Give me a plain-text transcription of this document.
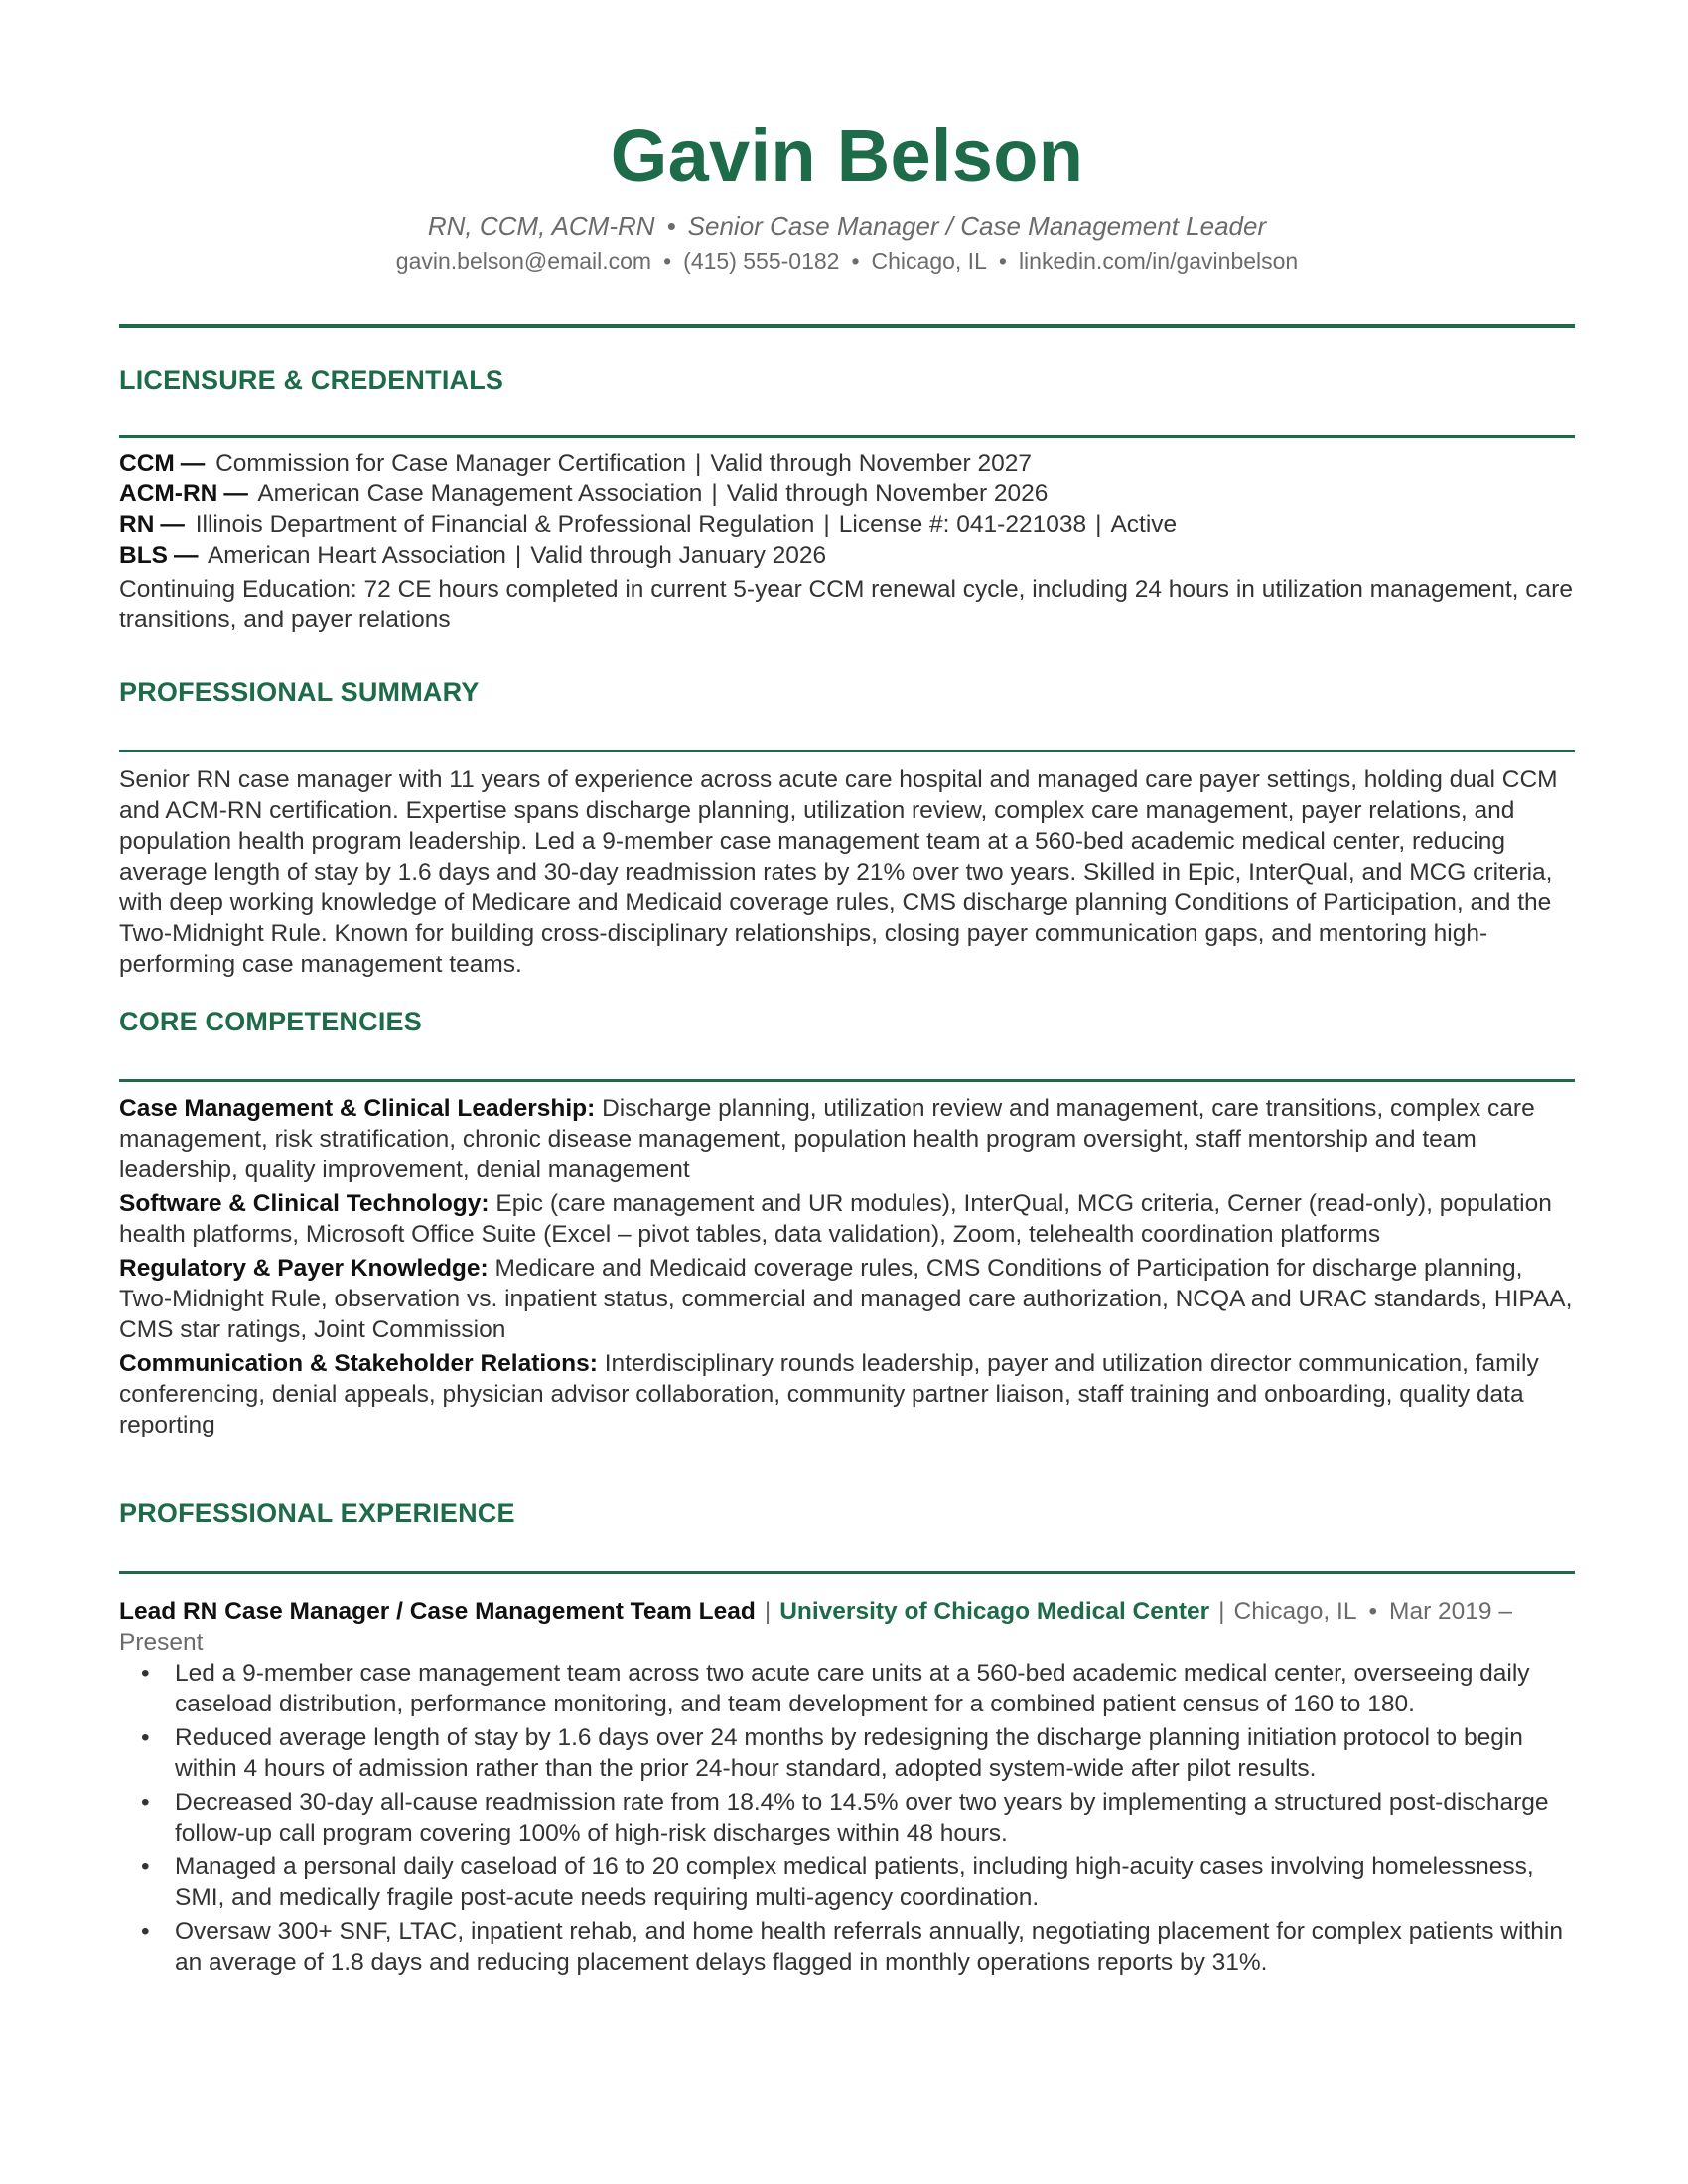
Gavin Belson
RN, CCM, ACM-RN • Senior Case Manager / Case Management Leader
gavin.belson@email.com • (415) 555-0182 • Chicago, IL • linkedin.com/in/gavinbelson
LICENSURE & CREDENTIALS
CCM — Commission for Case Manager Certification | Valid through November 2027
ACM-RN — American Case Management Association | Valid through November 2026
RN — Illinois Department of Financial & Professional Regulation | License #: 041-221038 | Active
BLS — American Heart Association | Valid through January 2026
Continuing Education: 72 CE hours completed in current 5-year CCM renewal cycle, including 24 hours in utilization management, care transitions, and payer relations
PROFESSIONAL SUMMARY
Senior RN case manager with 11 years of experience across acute care hospital and managed care payer settings, holding dual CCM and ACM-RN certification. Expertise spans discharge planning, utilization review, complex care management, payer relations, and population health program leadership. Led a 9-member case management team at a 560-bed academic medical center, reducing average length of stay by 1.6 days and 30-day readmission rates by 21% over two years. Skilled in Epic, InterQual, and MCG criteria, with deep working knowledge of Medicare and Medicaid coverage rules, CMS discharge planning Conditions of Participation, and the Two-Midnight Rule. Known for building cross-disciplinary relationships, closing payer communication gaps, and mentoring high-performing case management teams.
CORE COMPETENCIES
Case Management & Clinical Leadership: Discharge planning, utilization review and management, care transitions, complex care management, risk stratification, chronic disease management, population health program oversight, staff mentorship and team leadership, quality improvement, denial management
Software & Clinical Technology: Epic (care management and UR modules), InterQual, MCG criteria, Cerner (read-only), population health platforms, Microsoft Office Suite (Excel – pivot tables, data validation), Zoom, telehealth coordination platforms
Regulatory & Payer Knowledge: Medicare and Medicaid coverage rules, CMS Conditions of Participation for discharge planning, Two-Midnight Rule, observation vs. inpatient status, commercial and managed care authorization, NCQA and URAC standards, HIPAA, CMS star ratings, Joint Commission
Communication & Stakeholder Relations: Interdisciplinary rounds leadership, payer and utilization director communication, family conferencing, denial appeals, physician advisor collaboration, community partner liaison, staff training and onboarding, quality data reporting
PROFESSIONAL EXPERIENCE
Lead RN Case Manager / Case Management Team Lead | University of Chicago Medical Center | Chicago, IL • Mar 2019 – Present
• Led a 9-member case management team across two acute care units at a 560-bed academic medical center, overseeing daily caseload distribution, performance monitoring, and team development for a combined patient census of 160 to 180.
• Reduced average length of stay by 1.6 days over 24 months by redesigning the discharge planning initiation protocol to begin within 4 hours of admission rather than the prior 24-hour standard, adopted system-wide after pilot results.
• Decreased 30-day all-cause readmission rate from 18.4% to 14.5% over two years by implementing a structured post-discharge follow-up call program covering 100% of high-risk discharges within 48 hours.
• Managed a personal daily caseload of 16 to 20 complex medical patients, including high-acuity cases involving homelessness, SMI, and medically fragile post-acute needs requiring multi-agency coordination.
• Oversaw 300+ SNF, LTAC, inpatient rehab, and home health referrals annually, negotiating placement for complex patients within an average of 1.8 days and reducing placement delays flagged in monthly operations reports by 31%.
